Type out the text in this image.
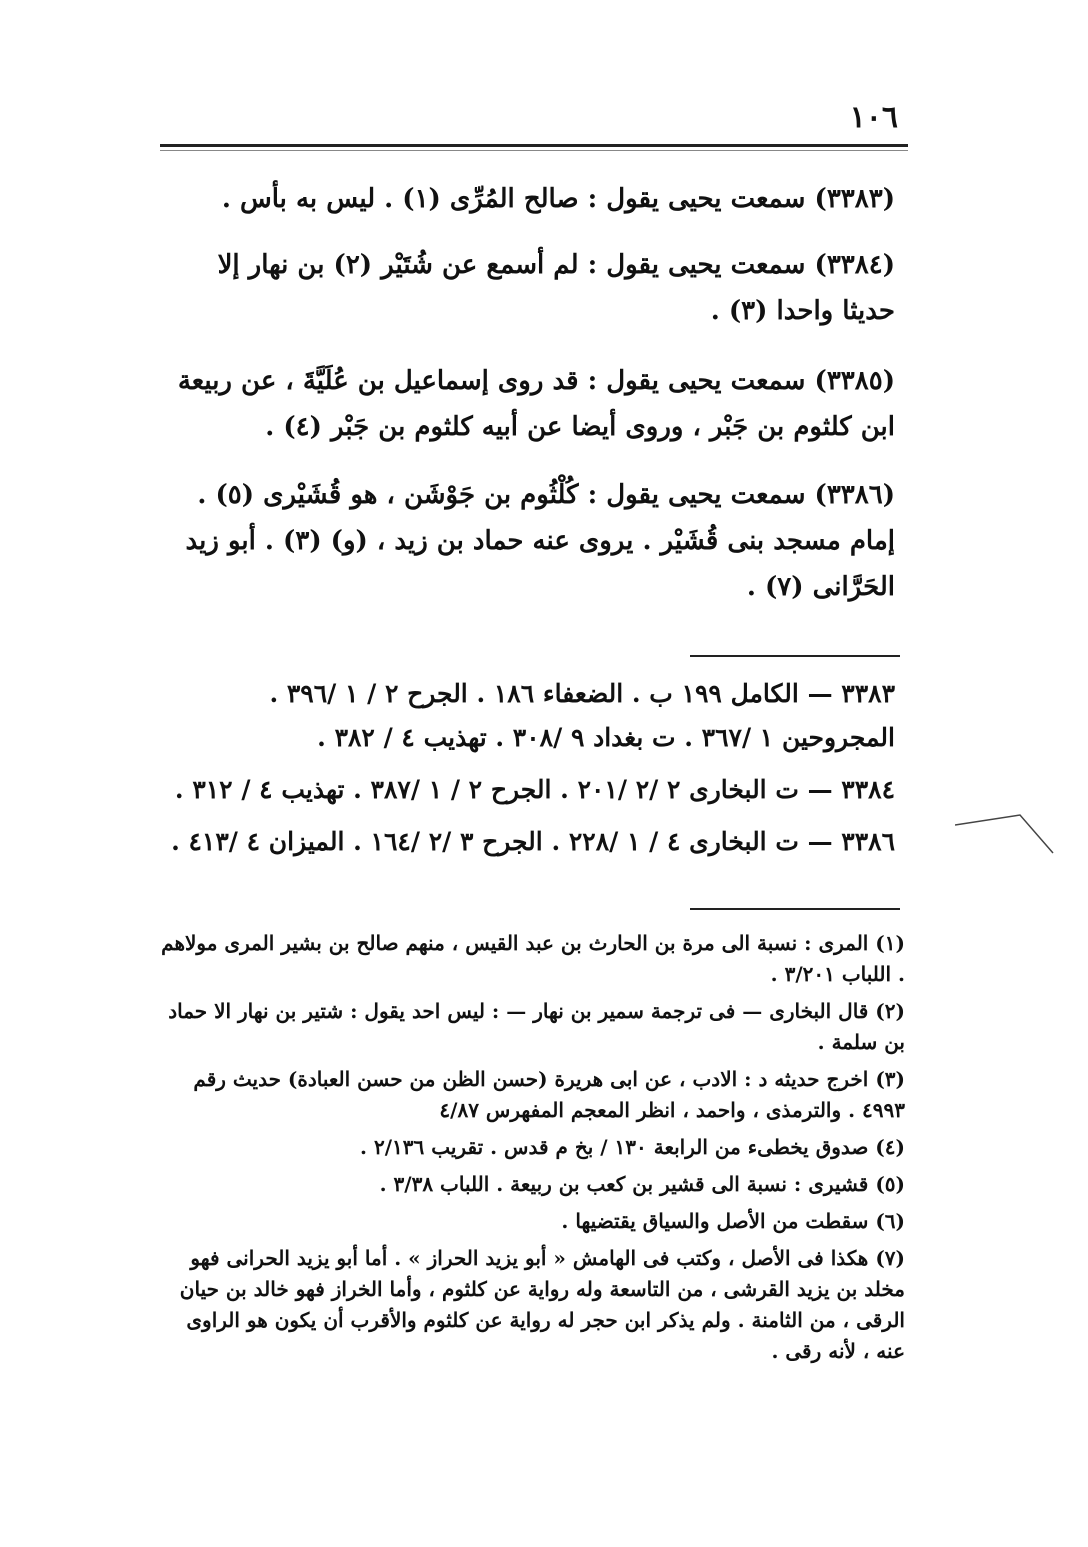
١٠٦

(٣٣٨٣) سمعت يحيى يقول : صالح المُرِّى (١) . ليس به بأس .

(٣٣٨٤) سمعت يحيى يقول : لم أسمع عن شُتَيْر (٢) بن نهار إلا حديثا واحدا (٣) .

(٣٣٨٥) سمعت يحيى يقول : قد روى إسماعيل بن عُلَيَّةَ ، عن ربيعة ابن كلثوم بن جَبْر ، وروى أيضا عن أبيه كلثوم بن جَبْر (٤) .

(٣٣٨٦) سمعت يحيى يقول : كُلْثُوم بن جَوْشَن ، هو قُشَيْرى (٥) . إمام مسجد بنى قُشَيْر . يروى عنه حماد بن زيد ، (و) (٣) . أبو زيد الحَرَّانى (٧) .

٣٣٨٣ — الكامل ١٩٩ ب . الضعفاء ١٨٦ . الجرح ٢ / ١ /٣٩٦ . المجروحين ١ /٣٦٧ . ت بغداد ٩ /٣٠٨ . تهذيب ٤ / ٣٨٢ .

٣٣٨٤ — ت البخارى ٢ /٢ /٢٠١ . الجرح ٢ / ١ /٣٨٧ . تهذيب ٤ / ٣١٢ .

٣٣٨٦ — ت البخارى ٤ / ١ /٢٢٨ . الجرح ٣ /٢ /١٦٤ . الميزان ٤ /٤١٣ .

(١) المرى : نسبة الى مرة بن الحارث بن عبد القيس ، منهم صالح بن بشير المرى مولاهم . اللباب ٣/٢٠١ .

(٢) قال البخارى — فى ترجمة سمير بن نهار — : ليس احد يقول : شتير بن نهار الا حماد بن سلمة .

(٣) اخرج حديثه د : الادب ، عن ابى هريرة (حسن الظن من حسن العبادة) حديث رقم ٤٩٩٣ . والترمذى ، واحمد ، انظر المعجم المفهرس ٤/٨٧

(٤) صدوق يخطىء من الرابعة ١٣٠ / بخ م قدس . تقريب ٢/١٣٦ .

(٥) قشيرى : نسبة الى قشير بن كعب بن ربيعة . اللباب ٣/٣٨ .

(٦) سقطت من الأصل والسياق يقتضيها .

(٧) هكذا فى الأصل ، وكتب فى الهامش « أبو يزيد الحراز » . أما أبو يزيد الحرانى فهو مخلد بن يزيد القرشى ، من التاسعة وله رواية عن كلثوم ، وأما الخراز فهو خالد بن حيان الرقى ، من الثامنة . ولم يذكر ابن حجر له رواية عن كلثوم والأقرب أن يكون هو الراوى عنه ، لأنه رقى .
